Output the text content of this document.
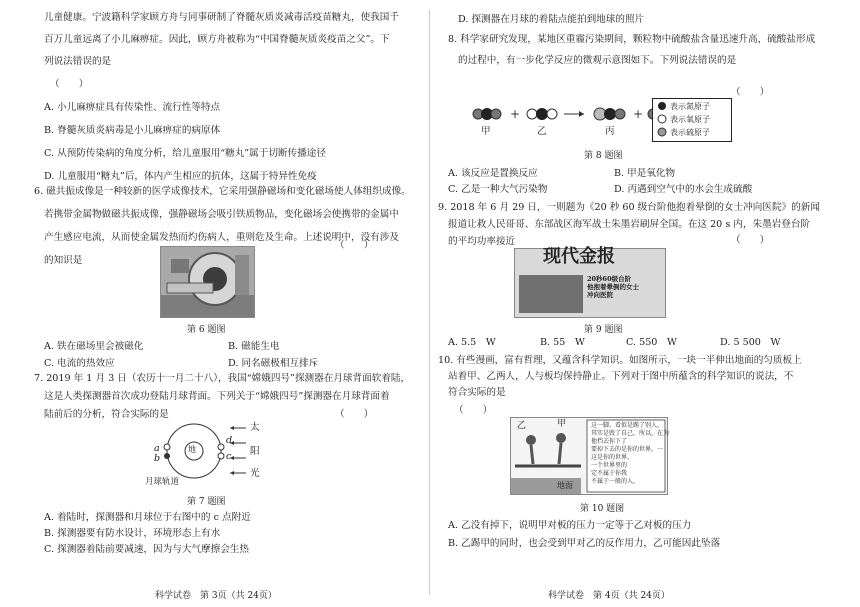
儿童健康。宁波籍科学家顾方舟与同事研制了脊髓灰质炎减毒活疫苗糖丸，使我国千
百万儿童远离了小儿麻痹症。因此，顾方舟被称为“中国脊髓灰质炎疫苗之父”。下
列说法错误的是
（　　）
A. 小儿麻痹症具有传染性、流行性等特点
B. 脊髓灰质炎病毒是小儿麻痹症的病原体
C. 从预防传染病的角度分析，给儿童服用“糖丸”属于切断传播途径
D. 儿童服用“糖丸”后，体内产生相应的抗体，这属于特异性免疫
6. 磁共振成像是一种较新的医学成像技术，它采用强静磁场和变化磁场使人体组织成像。
若携带金属物做磁共振成像，强静磁场会吸引铁质物品，变化磁场会使携带的金属中
产生感应电流，从而使金属发热而灼伤病人，重则危及生命。上述说明中，没有涉及
的知识是
（　　）
第 6 题图
A. 铁在磁场里会被磁化	B. 磁能生电
C. 电流的热效应	D. 同名磁极相互排斥
7. 2019 年 1 月 3 日（农历十一月二十八），我国“嫦娥四号”探测器在月球背面软着陆，
这是人类探测器首次成功登陆月球背面。下列关于“嫦娥四号”探测器在月球背面着
陆前后的分析，符合实际的是	（　　）
a
b
d
c
地
太
阳
光
月球轨道
第 7 题图
A. 着陆时，探测器和月球位于右图中的 c 点附近
B. 探测器要有防水设计，环境形态上有水
C. 探测器着陆前要减速，因为与大气摩擦会生热
科学试卷　第 3页（共 24页）
D. 探测器在月球的着陆点能拍到地球的照片
8. 科学家研究发现，某地区重霾污染期间，颗粒物中硫酸盐含量迅速升高，硫酸盐形成
的过程中，有一步化学反应的微观示意图如下。下列说法错误的是
（　　）
+	+
甲	乙	丙
表示氮原子
表示氧原子
表示硫原子
第 8 题图
A. 该反应是置换反应	B. 甲是氧化物
C. 乙是一种大气污染物	D. 丙遇到空气中的水会生成硫酸
9. 2018 年 6 月 29 日，一则题为《20 秒 60 级台阶他抱着晕倒的女士冲向医院》的新闻
报道让救人民哥哥、东部战区海军战士朱墨岩刷屏全国。在这 20 s 内，朱墨岩登台阶
的平均功率接近	（　　）
现代金报
20秒60级台阶
他抱着晕倒的女士
冲向医院
第 9 题图
A. 5.5　W	B. 55　W	C. 550　W	D. 5 500　W
10. 有些漫画，富有哲理，又蕴含科学知识。如图所示，一块一半伸出地面的匀质板上
站着甲、乙两人，人与板均保持静止。下列对于图中所蕴含的科学知识的说法，不
符合实际的是
（　　）
乙	甲
地面
这一脚，看似是踢了别人，
其实是毁了自己，所以，在为
他挡去你下了
要掉下去的是你的世界。一
这是你的世界，
一个世界里的
定不属于你我
不属于一般的人，
第 10 题图
A. 乙没有掉下，说明甲对板的压力一定等于乙对板的压力
B. 乙踢甲的同时，也会受到甲对乙的反作用力，乙可能因此坠落
科学试卷　第 4页（共 24页）
